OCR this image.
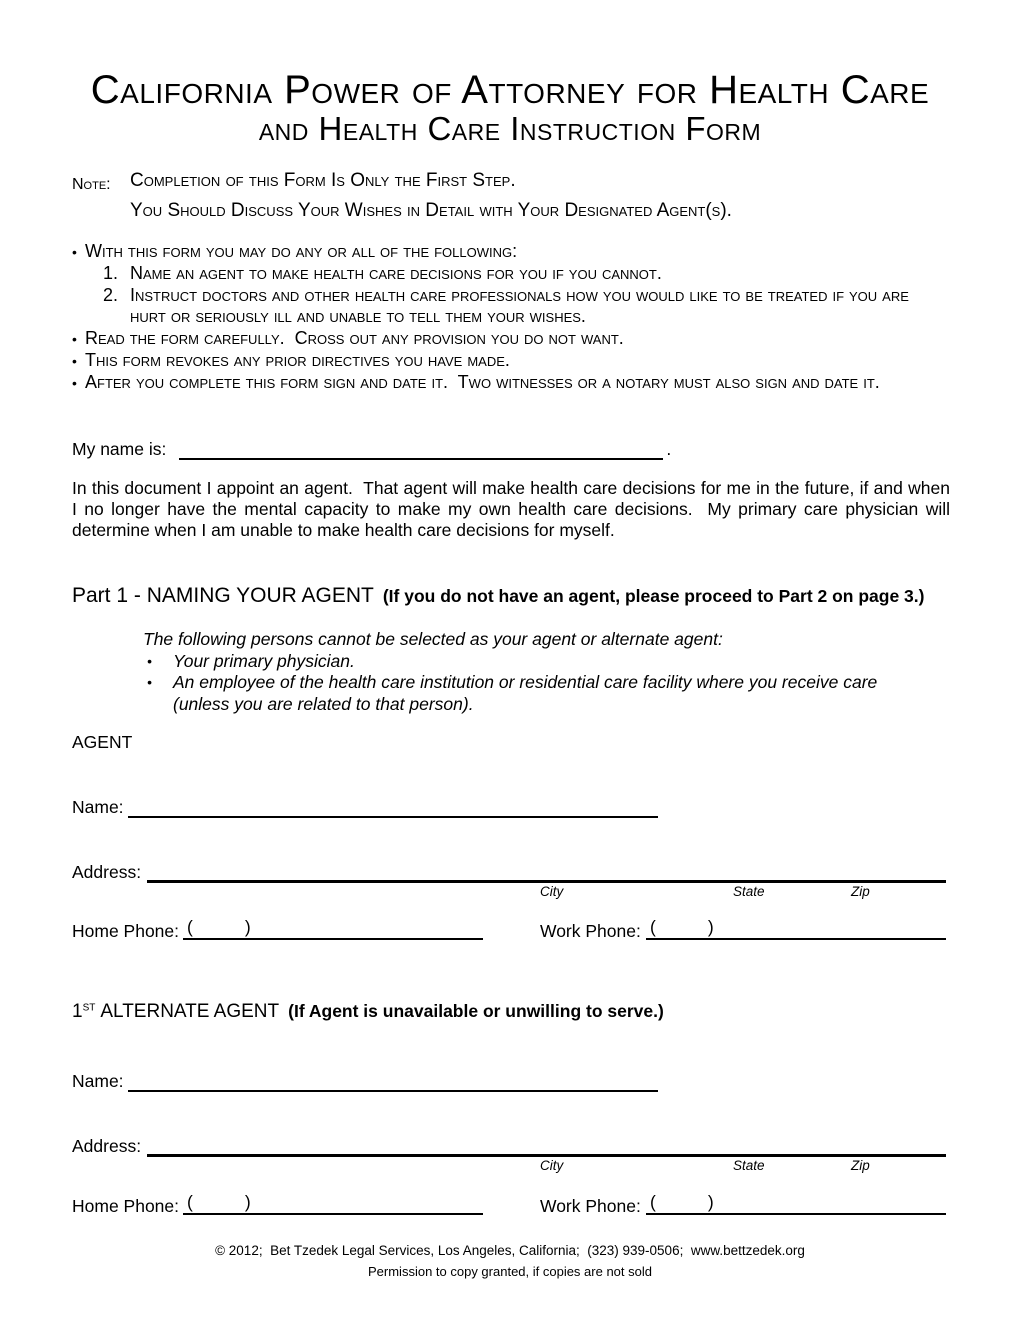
California Power of Attorney for Health Care
and Health Care Instruction Form
Note: Completion of this Form Is Only the First Step.
You Should Discuss Your Wishes in Detail with Your Designated Agent(s).
• With this form you may do any or all of the following:
1. Name an agent to make health care decisions for you if you cannot.
2. Instruct doctors and other health care professionals how you would like to be treated if you are hurt or seriously ill and unable to tell them your wishes.
• Read the form carefully.  Cross out any provision you do not want.
• This form revokes any prior directives you have made.
• After you complete this form sign and date it.  Two witnesses or a notary must also sign and date it.
My name is:	.
In this document I appoint an agent.  That agent will make health care decisions for me in the future, if and when I no longer have the mental capacity to make my own health care decisions.  My primary care physician will determine when I am unable to make health care decisions for myself.
Part 1 - NAMING YOUR AGENT (If you do not have an agent, please proceed to Part 2 on page 3.)
The following persons cannot be selected as your agent or alternate agent:
•	Your primary physician.
•	An employee of the health care institution or residential care facility where you receive care (unless you are related to that person).
AGENT
Name:
Address:
City	State	Zip
Home Phone: (	)	Work Phone: (	)
1ST ALTERNATE AGENT (If Agent is unavailable or unwilling to serve.)
Name:
Address:
City	State	Zip
Home Phone: (	)	Work Phone: (	)
© 2012;  Bet Tzedek Legal Services, Los Angeles, California;  (323) 939-0506;  www.bettzedek.org
Permission to copy granted, if copies are not sold
